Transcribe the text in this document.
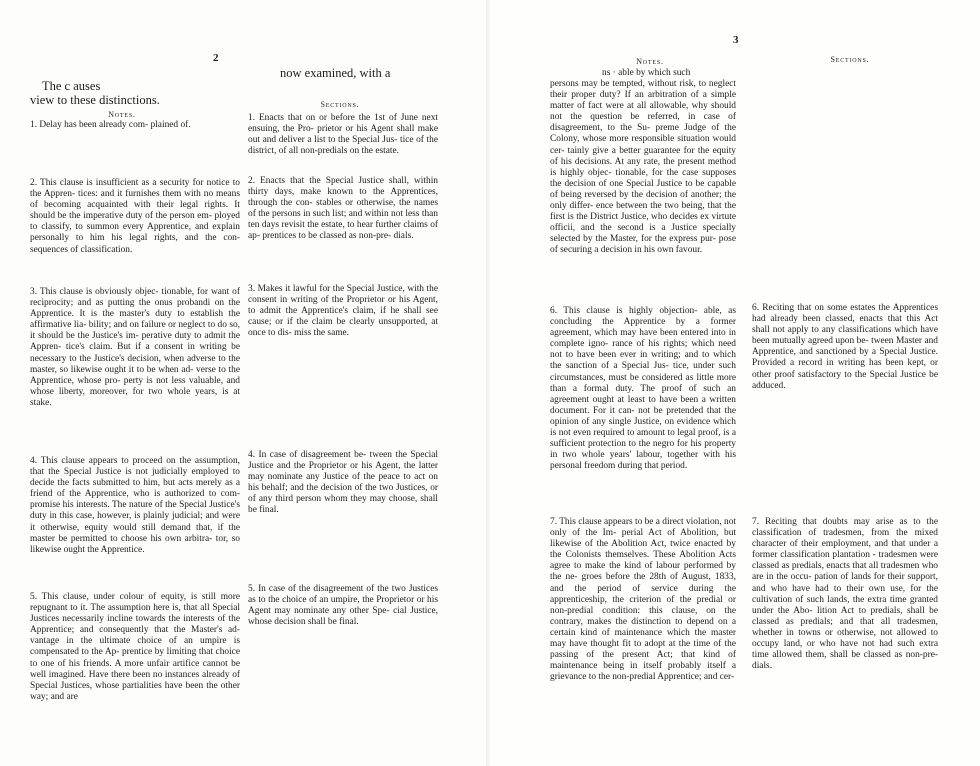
2
The c auses
view to these distinctions.
now examined, with a
Notes.
Sections.

1. Delay has been already com- plained of.

2. This clause is insufficient as a security for notice to the Appren- tices: and it furnishes them with no means of becoming acquainted with their legal rights. It should be the imperative duty of the person em- ployed to classify, to summon every Apprentice, and explain personally to him his legal rights, and the con- sequences of classification.

3. This clause is obviously objec- tionable, for want of reciprocity; and as putting the onus probandi on the Apprentice. It is the master's duty to establish the affirmative lia- bility; and on failure or neglect to do so, it should be the Justice's im- perative duty to admit the Appren- tice's claim. But if a consent in writing be necessary to the Justice's decision, when adverse to the master, so likewise ought it to be when ad- verse to the Apprentice, whose pro- perty is not less valuable, and whose liberty, moreover, for two whole years, is at stake.

4. This clause appears to proceed on the assumption, that the Special Justice is not judicially employed to decide the facts submitted to him, but acts merely as a friend of the Apprentice, who is authorized to com- promise his interests. The nature of the Special Justice's duty in this case, however, is plainly judicial; and were it otherwise, equity would still demand that, if the master be permitted to choose his own arbitra- tor, so likewise ought the Apprentice.

5. This clause, under colour of equity, is still more repugnant to it. The assumption here is, that all Special Justices necessarily incline towards the interests of the Apprentice; and consequently that the Master's ad- vantage in the ultimate choice of an umpire is compensated to the Ap- prentice by limiting that choice to one of his friends. A more unfair artifice cannot be well imagined. Have there been no instances already of Special Justices, whose partialities have been the other way; and are

1. Enacts that on or before the 1st of June next ensuing, the Pro- prietor or his Agent shall make out and deliver a list to the Special Jus- tice of the district, of all non-predials on the estate.

2. Enacts that the Special Justice shall, within thirty days, make known to the Apprentices, through the con- stables or otherwise, the names of the persons in such list; and within not less than ten days revisit the estate, to hear further claims of ap- prentices to be classed as non-pre- dials.

3. Makes it lawful for the Special Justice, with the consent in writing of the Proprietor or his Agent, to admit the Apprentice's claim, if he shall see cause; or if the claim be clearly unsupported, at once to dis- miss the same.

4. In case of disagreement be- tween the Special Justice and the Proprietor or his Agent, the latter may nominate any Justice of the peace to act on his behalf; and the decision of the two Justices, or of any third person whom they may choose, shall be final.

5. In case of the disagreement of the two Justices as to the choice of an umpire, the Proprietor or his Agent may nominate any other Spe- cial Justice, whose decision shall be final.

3
Notes.	Sections.
ns · able by which such

persons may be tempted, without risk, to neglect their proper duty? If an arbitration of a simple matter of fact were at all allowable, why should not the question be referred, in case of disagreement, to the Su- preme Judge of the Colony, whose more responsible situation would cer- tainly give a better guarantee for the equity of his decisions. At any rate, the present method is highly objec- tionable, for the case supposes the decision of one Special Justice to be capable of being reversed by the decision of another; the only differ- ence between the two being, that the first is the District Justice, who decides ex virtute officii, and the second is a Justice specially selected by the Master, for the express pur- pose of securing a decision in his own favour.

6. This clause is highly objection- able, as concluding the Apprentice by a former agreement, which may have been entered into in complete igno- rance of his rights; which need not to have been ever in writing; and to which the sanction of a Special Jus- tice, under such circumstances, must be considered as little more than a formal duty. The proof of such an agreement ought at least to have been a written document. For it can- not be pretended that the opinion of any single Justice, on evidence which is not even required to amount to legal proof, is a sufficient protection to the negro for his property in two whole years' labour, together with his personal freedom during that period.

7. This clause appears to be a direct violation, not only of the Im- perial Act of Abolition, but likewise of the Abolition Act, twice enacted by the Colonists themselves. These Abolition Acts agree to make the kind of labour performed by the ne- groes before the 28th of August, 1833, and the period of service during the apprenticeship, the criterion of the predial or non-predial condition: this clause, on the contrary, makes the distinction to depend on a certain kind of maintenance which the master may have thought fit to adopt at the time of the passing of the present Act; that kind of maintenance being in itself probably itself a grievance to the non-predial Apprentice; and cer-

6. Reciting that on some estates the Apprentices had already been classed, enacts that this Act shall not apply to any classifications which have been mutually agreed upon be- tween Master and Apprentice, and sanctioned by a Special Justice. Provided a record in writing has been kept, or other proof satisfactory to the Special Justice be adduced.

7. Reciting that doubts may arise as to the classification of tradesmen, from the mixed character of their employment, and that under a former classification plantation - tradesmen were classed as predials, enacts that all tradesmen who are in the occu- pation of lands for their support, and who have had to their own use, for the cultivation of such lands, the extra time granted under the Abo- lition Act to predials, shall be classed as predials; and that all tradesmen, whether in towns or otherwise, not allowed to occupy land, or who have not had such extra time allowed them, shall be classed as non-pre- dials.
